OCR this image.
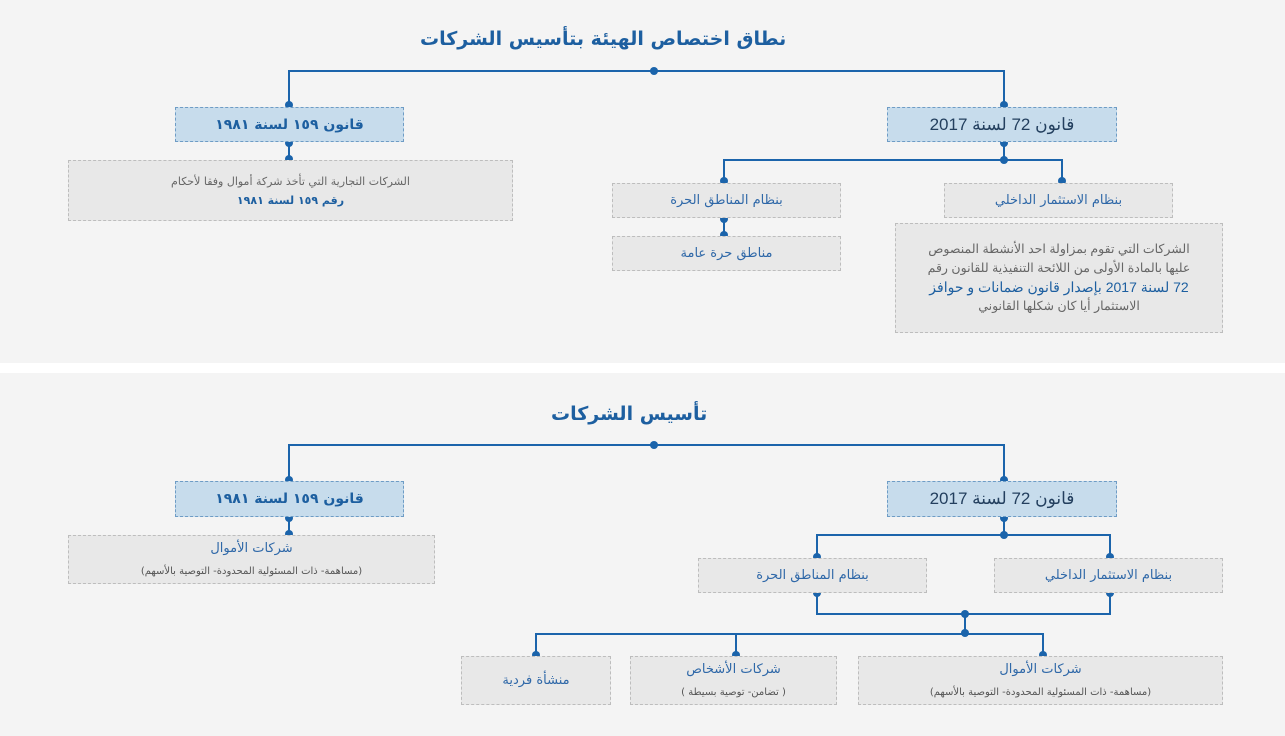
نطاق اختصاص الهيئة بتأسيس الشركات
قانون 72 لسنة 2017
قانون ١٥٩ لسنة ١٩٨١
الشركات التجارية التي تأخذ شركة أموال وفقا لأحكام
رقم ١٥٩ لسنة ١٩٨١	بنظام المناطق الحرة	بنظام الاستثمار الداخلي
مناطق حرة عامة	الشركات التي تقوم بمزاولة احد الأنشطة المنصوص
عليها بالمادة الأولى من اللائحة التنفيذية للقانون رقم
72 لسنة 2017 بإصدار قانون ضمانات و حوافز
الاستثمار أيا كان شكلها القانوني
تأسيس الشركات
قانون 72 لسنة 2017
قانون ١٥٩ لسنة ١٩٨١
شركات الأموال
(مساهمة- ذات المسئولية المحدودة- التوصية بالأسهم)	بنظام المناطق الحرة	بنظام الاستثمار الداخلي
شركات الأموال
(مساهمة- ذات المسئولية المحدودة- التوصية بالأسهم)
شركات الأشخاص
( تضامن- توصية بسيطة )
منشأة فردية
